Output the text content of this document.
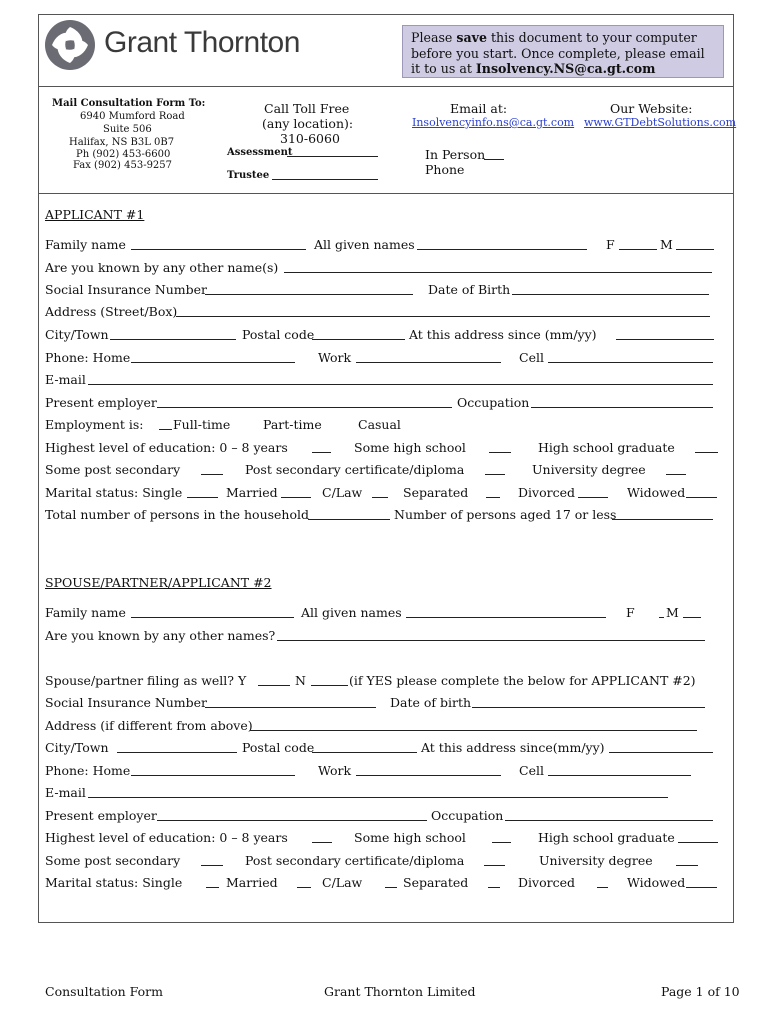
Grant Thornton	Please save this document to your computer before you start. Once complete, please email it to us at Insolvency.NS@ca.gt.com
Mail Consultation Form To:
6940 Mumford Road
Suite 506
Halifax, NS B3L 0B7
Ph (902) 453-6600
Fax (902) 453-9257
Call Toll Free
(any location):
310-6060
Assessment
Trustee
Email at:
Insolvencyinfo.ns@ca.gt.com
In Person
Phone
Our Website:
www.GTDebtSolutions.com
APPLICANT #1
Family name	All given names	F	M
Are you known by any other name(s)
Social Insurance Number	Date of Birth
Address (Street/Box)
City/Town	Postal code	At this address since (mm/yy)
Phone: Home	Work	Cell
E-mail
Present employer	Occupation
Employment is: Full-time	Part-time	Casual
Highest level of education: 0 – 8 years	Some high school	High school graduate
Some post secondary	Post secondary certificate/diploma	University degree
Marital status: Single	Married	C/Law	Separated	Divorced	Widowed
Total number of persons in the household	Number of persons aged 17 or less
SPOUSE/PARTNER/APPLICANT #2
Family name	All given names	F	M
Are you known by any other names?
Spouse/partner filing as well? Y	N	(if YES please complete the below for APPLICANT #2)
Social Insurance Number	Date of birth
Address (if different from above)
City/Town	Postal code	At this address since(mm/yy)
Phone: Home	Work	Cell
E-mail
Present employer	Occupation
Highest level of education: 0 – 8 years	Some high school	High school graduate
Some post secondary	Post secondary certificate/diploma	University degree
Marital status: Single	Married	C/Law	Separated	Divorced	Widowed
Consultation Form	Grant Thornton Limited	Page 1 of 10
